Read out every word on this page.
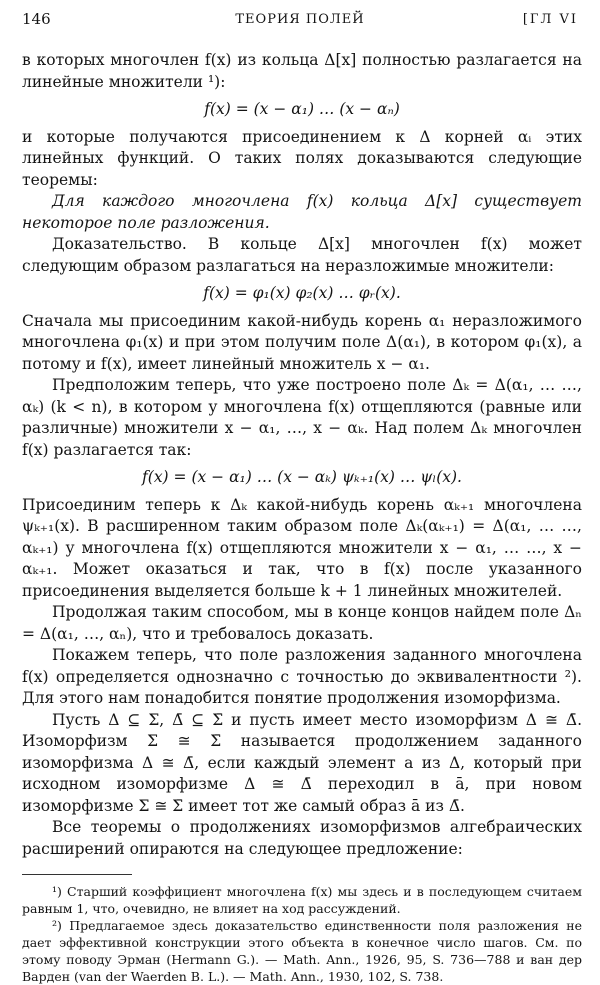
146	ТЕОРИЯ ПОЛЕЙ	[ГЛ VI

в которых многочлен f(x) из кольца Δ[x] полностью разлагается на линейные множители ¹):

f(x) = (x − α₁) … (x − αₙ)

и которые получаются присоединением к Δ корней αᵢ этих линейных функций. О таких полях доказываются следующие теоремы:

Для каждого многочлена f(x) кольца Δ[x] существует некоторое поле разложения.

Доказательство. В кольце Δ[x] многочлен f(x) может следующим образом разлагаться на неразложимые множители:

f(x) = φ₁(x) φ₂(x) … φᵣ(x).

Сначала мы присоединим какой-нибудь корень α₁ неразложимого многочлена φ₁(x) и при этом получим поле Δ(α₁), в котором φ₁(x), а потому и f(x), имеет линейный множитель x − α₁.

Предположим теперь, что уже построено поле Δₖ = Δ(α₁, … …, αₖ) (k < n), в котором у многочлена f(x) отщепляются (равные или различные) множители x − α₁, …, x − αₖ. Над полем Δₖ многочлен f(x) разлагается так:

f(x) = (x − α₁) … (x − αₖ) ψₖ₊₁(x) … ψₗ(x).

Присоединим теперь к Δₖ какой-нибудь корень αₖ₊₁ многочлена ψₖ₊₁(x). В расширенном таким образом поле Δₖ(αₖ₊₁) = Δ(α₁, … …, αₖ₊₁) у многочлена f(x) отщепляются множители x − α₁, … …, x − αₖ₊₁. Может оказаться и так, что в f(x) после указанного присоединения выделяется больше k + 1 линейных множителей.

Продолжая таким способом, мы в конце концов найдем поле Δₙ = Δ(α₁, …, αₙ), что и требовалось доказать.

Покажем теперь, что поле разложения заданного многочлена f(x) определяется однозначно с точностью до эквивалентности ²). Для этого нам понадобится понятие продолжения изоморфизма.

Пусть Δ ⊆ Σ, Δ̄ ⊆ Σ̄ и пусть имеет место изоморфизм Δ ≅ Δ̄. Изоморфизм Σ ≅ Σ̄ называется продолжением заданного изоморфизма Δ ≅ Δ̄, если каждый элемент a из Δ, который при исходном изоморфизме Δ ≅ Δ̄ переходил в ā, при новом изоморфизме Σ ≅ Σ̄ имеет тот же самый образ ā из Δ̄.

Все теоремы о продолжениях изоморфизмов алгебраических расширений опираются на следующее предложение:

¹) Старший коэффициент многочлена f(x) мы здесь и в последующем считаем равным 1, что, очевидно, не влияет на ход рассуждений.

²) Предлагаемое здесь доказательство единственности поля разложения не дает эффективной конструкции этого объекта в конечное число шагов. См. по этому поводу Эрман (Hermann G.). — Math. Ann., 1926, 95, S. 736—788 и ван дер Варден (van der Waerden B. L.). — Math. Ann., 1930, 102, S. 738.
